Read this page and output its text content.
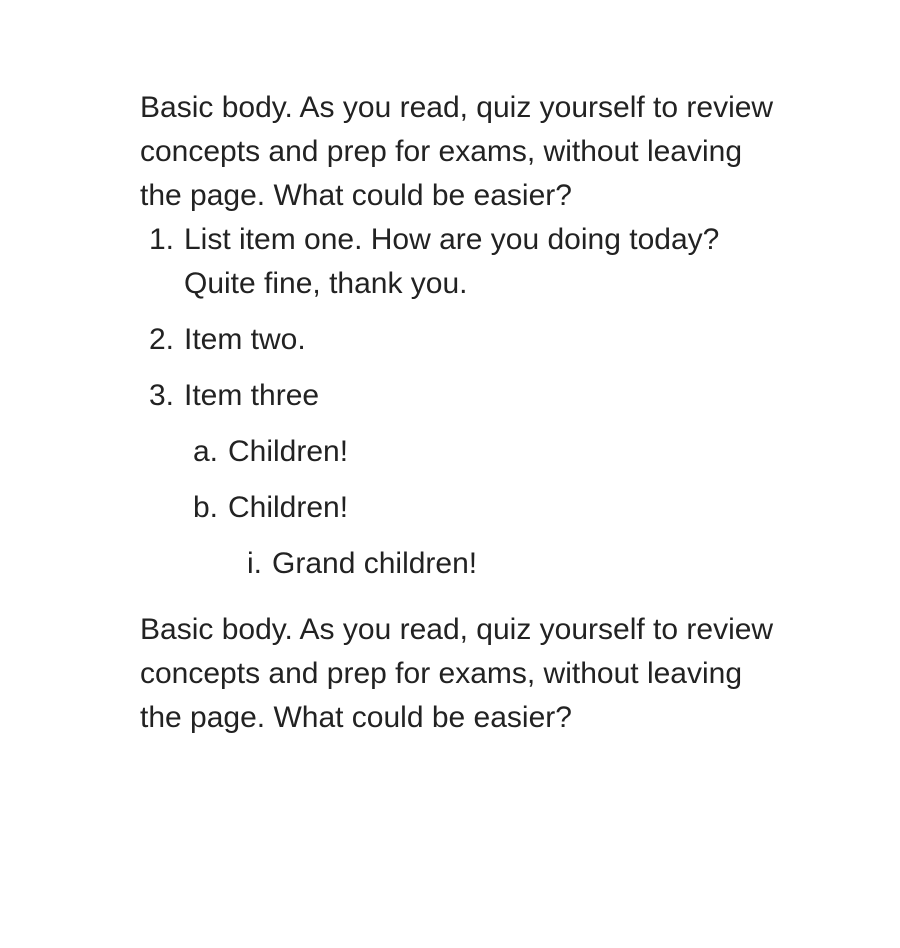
Basic body. As you read, quiz yourself to review concepts and prep for exams, without leaving the page. What could be easier?

1. List item one. How are you doing today? Quite fine, thank you.
2. Item two.
3. Item three
a. Children!
b. Children!
i. Grand children!

Basic body. As you read, quiz yourself to review concepts and prep for exams, without leaving the page. What could be easier?
